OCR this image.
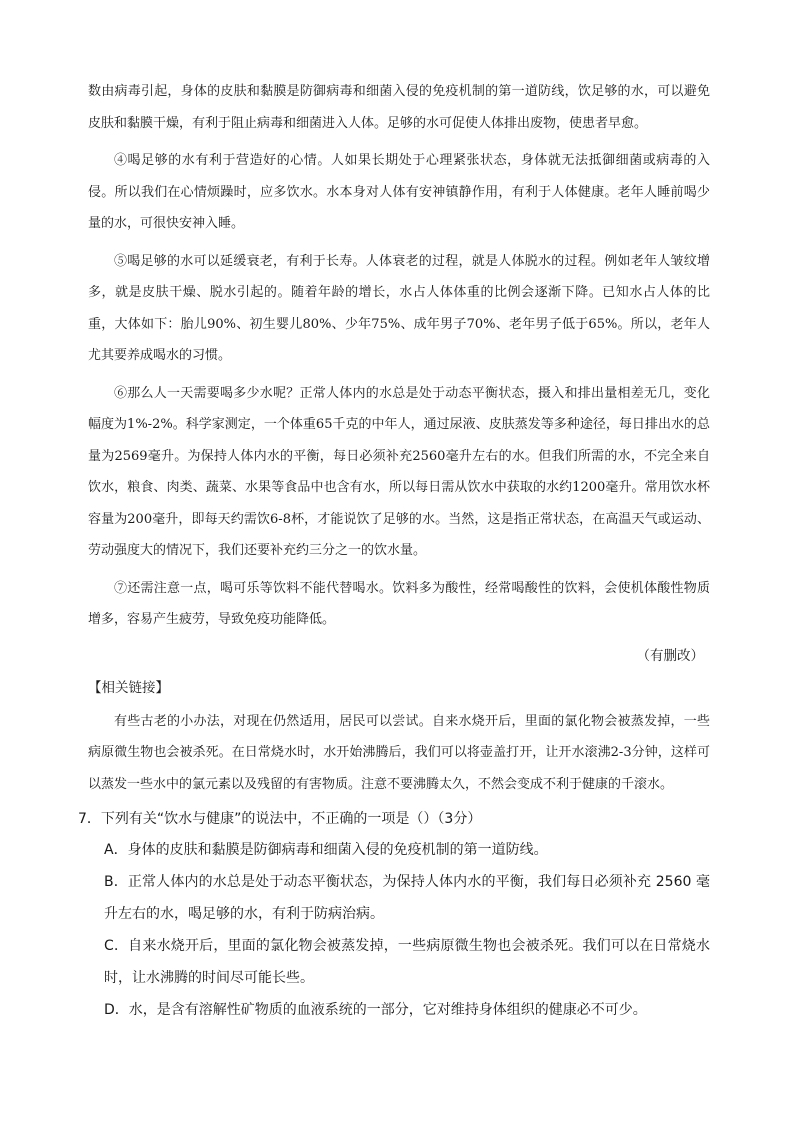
数由病毒引起，身体的皮肤和黏膜是防御病毒和细菌入侵的免疫机制的第一道防线，饮足够的水，可以避免皮肤和黏膜干燥，有利于阻止病毒和细菌进入人体。足够的水可促使人体排出废物，使患者早愈。

④喝足够的水有利于营造好的心情。人如果长期处于心理紧张状态，身体就无法抵御细菌或病毒的入侵。所以我们在心情烦躁时，应多饮水。水本身对人体有安神镇静作用，有利于人体健康。老年人睡前喝少量的水，可很快安神入睡。

⑤喝足够的水可以延缓衰老，有利于长寿。人体衰老的过程，就是人体脱水的过程。例如老年人皱纹增多，就是皮肤干燥、脱水引起的。随着年龄的增长，水占人体体重的比例会逐渐下降。已知水占人体的比重，大体如下：胎儿90%、初生婴儿80%、少年75%、成年男子70%、老年男子低于65%。所以，老年人尤其要养成喝水的习惯。

⑥那么人一天需要喝多少水呢？正常人体内的水总是处于动态平衡状态，摄入和排出量相差无几，变化幅度为1%-2%。科学家测定，一个体重65千克的中年人，通过尿液、皮肤蒸发等多种途径，每日排出水的总量为2569毫升。为保持人体内水的平衡，每日必须补充2560毫升左右的水。但我们所需的水，不完全来自饮水，粮食、肉类、蔬菜、水果等食品中也含有水，所以每日需从饮水中获取的水约1200毫升。常用饮水杯容量为200毫升，即每天约需饮6-8杯，才能说饮了足够的水。当然，这是指正常状态，在高温天气或运动、劳动强度大的情况下，我们还要补充约三分之一的饮水量。

⑦还需注意一点，喝可乐等饮料不能代替喝水。饮料多为酸性，经常喝酸性的饮料，会使机体酸性物质增多，容易产生疲劳，导致免疫功能降低。

（有删改）

【相关链接】

有些古老的小办法，对现在仍然适用，居民可以尝试。自来水烧开后，里面的氯化物会被蒸发掉，一些病原微生物也会被杀死。在日常烧水时，水开始沸腾后，我们可以将壶盖打开，让开水滚沸2-3分钟，这样可以蒸发一些水中的氯元素以及残留的有害物质。注意不要沸腾太久，不然会变成不利于健康的千滚水。

7．下列有关“饮水与健康”的说法中，不正确的一项是（）（3分）

A．身体的皮肤和黏膜是防御病毒和细菌入侵的免疫机制的第一道防线。

B．正常人体内的水总是处于动态平衡状态，为保持人体内水的平衡，我们每日必须补充 2560 毫升左右的水，喝足够的水，有利于防病治病。

C．自来水烧开后，里面的氯化物会被蒸发掉，一些病原微生物也会被杀死。我们可以在日常烧水时，让水沸腾的时间尽可能长些。

D．水，是含有溶解性矿物质的血液系统的一部分，它对维持身体组织的健康必不可少。
